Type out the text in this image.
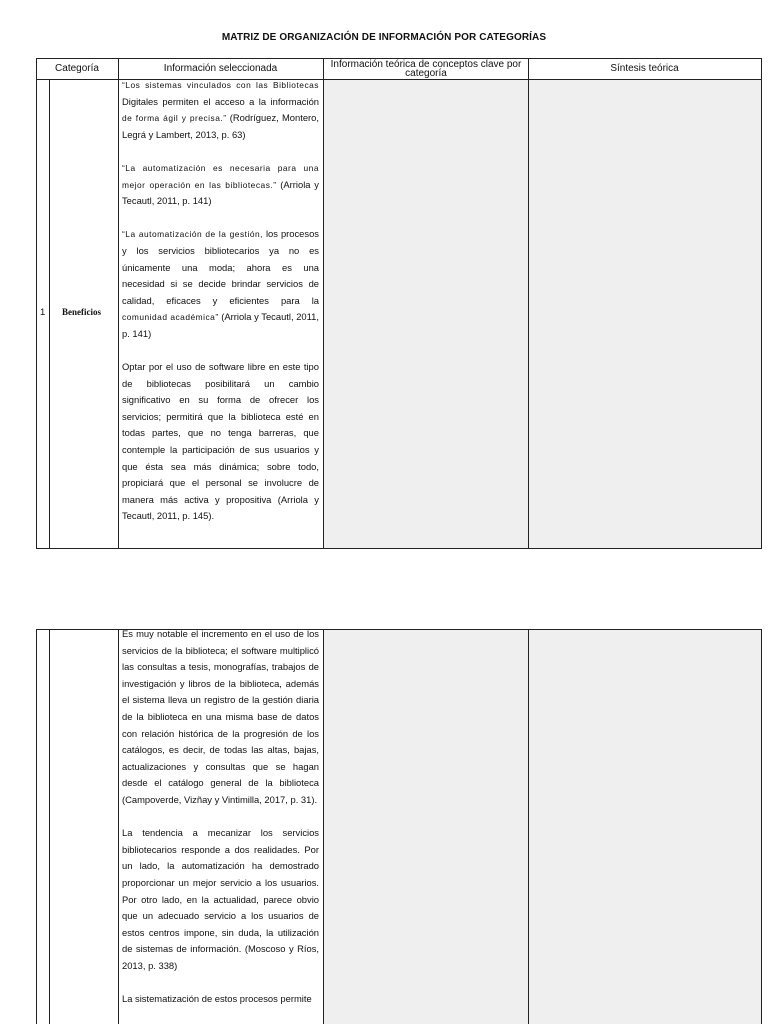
MATRIZ DE ORGANIZACIÓN DE INFORMACIÓN POR CATEGORÍAS
Categoría	Información seleccionada	Información teórica de conceptos clave por categoría	Síntesis teórica
1 Beneficios

“Los sistemas vinculados con las Bibliotecas Digitales permiten el acceso a la información de forma ágil y precisa.” (Rodríguez, Montero, Legrá y Lambert, 2013, p. 63)

“La automatización es necesaria para una mejor operación en las bibliotecas.” (Arriola y Tecautl, 2011, p. 141)

“La automatización de la gestión, los procesos y los servicios bibliotecarios ya no es únicamente una moda; ahora es una necesidad si se decide brindar servicios de calidad, eficaces y eficientes para la comunidad académica” (Arriola y Tecautl, 2011, p. 141)

Optar por el uso de software libre en este tipo de bibliotecas posibilitará un cambio significativo en su forma de ofrecer los servicios; permitirá que la biblioteca esté en todas partes, que no tenga barreras, que contemple la participación de sus usuarios y que ésta sea más dinámica; sobre todo, propiciará que el personal se involucre de manera más activa y propositiva (Arriola y Tecautl, 2011, p. 145).

Es muy notable el incremento en el uso de los servicios de la biblioteca; el software multiplicó las consultas a tesis, monografías, trabajos de investigación y libros de la biblioteca, además el sistema lleva un registro de la gestión diaria de la biblioteca en una misma base de datos con relación histórica de la progresión de los catálogos, es decir, de todas las altas, bajas, actualizaciones y consultas que se hagan desde el catálogo general de la biblioteca (Campoverde, Vizñay y Vintimilla, 2017, p. 31).

La tendencia a mecanizar los servicios bibliotecarios responde a dos realidades. Por un lado, la automatización ha demostrado proporcionar un mejor servicio a los usuarios. Por otro lado, en la actualidad, parece obvio que un adecuado servicio a los usuarios de estos centros impone, sin duda, la utilización de sistemas de información. (Moscoso y Ríos, 2013, p. 338)

La sistematización de estos procesos permite
